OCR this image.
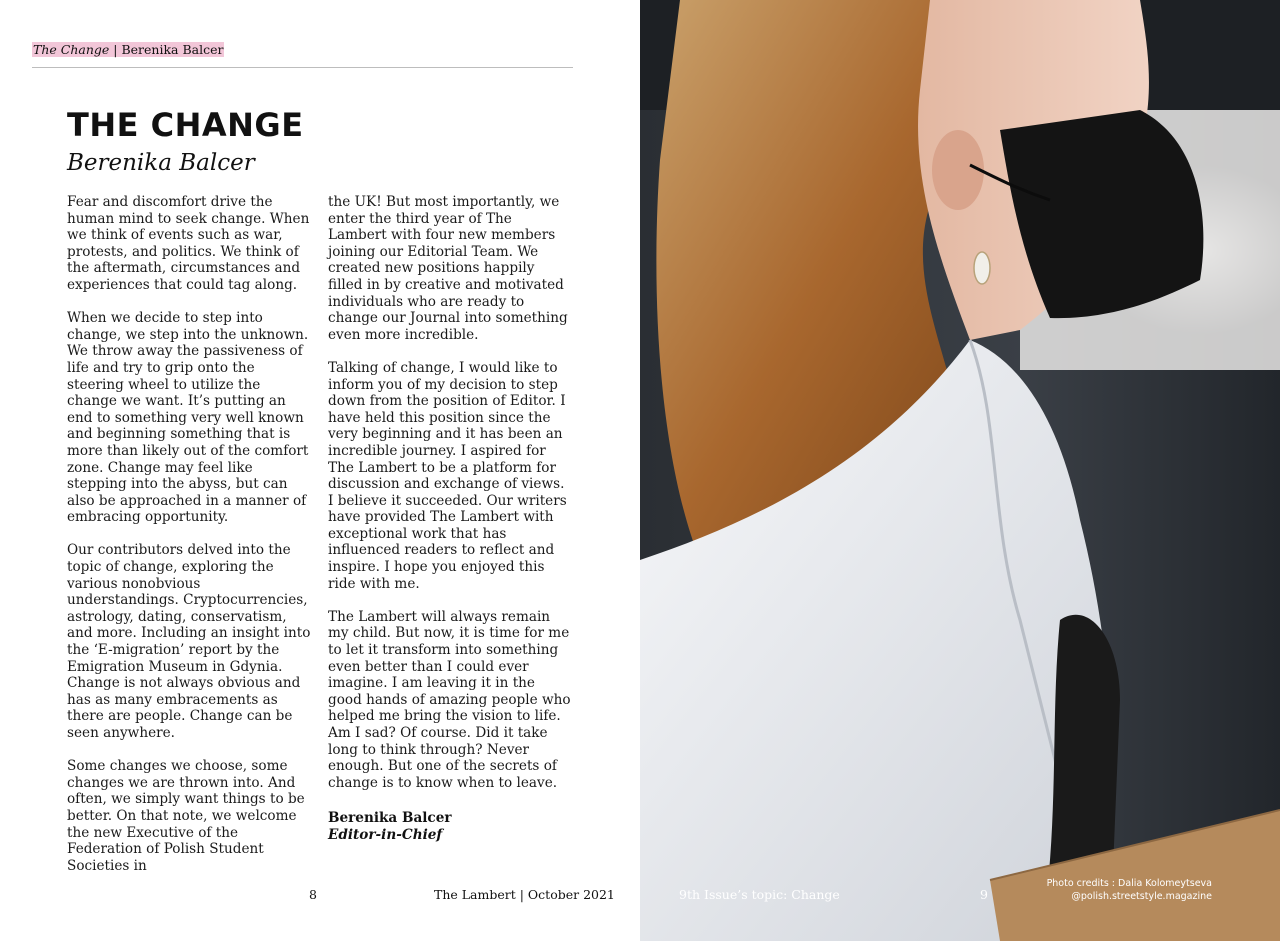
The Change | Berenika Balcer
THE CHANGE
Berenika Balcer

Fear and discomfort drive the human mind to seek change. When we think of events such as war, protests, and politics. We think of the aftermath, circumstances and experiences that could tag along.

When we decide to step into change, we step into the unknown. We throw away the passiveness of life and try to grip onto the steering wheel to utilize the change we want. It’s putting an end to something very well known and beginning something that is more than likely out of the comfort zone. Change may feel like stepping into the abyss, but can also be approached in a manner of embracing opportunity.

Our contributors delved into the topic of change, exploring the various nonobvious understandings. Cryptocurrencies, astrology, dating, conservatism, and more. Including an insight into the ‘E-migration’ report by the Emigration Museum in Gdynia. Change is not always obvious and has as many embracements as there are people. Change can be seen anywhere.

Some changes we choose, some changes we are thrown into. And often, we simply want things to be better. On that note, we welcome the new Executive of the Federation of Polish Student Societies in

the UK! But most importantly, we enter the third year of The Lambert with four new members joining our Editorial Team. We created new positions happily filled in by creative and motivated individuals who are ready to change our Journal into something even more incredible.

Talking of change, I would like to inform you of my decision to step down from the position of Editor. I have held this position since the very beginning and it has been an incredible journey. I aspired for The Lambert to be a platform for discussion and exchange of views. I believe it succeeded. Our writers have provided The Lambert with exceptional work that has influenced readers to reflect and inspire. I hope you enjoyed this ride with me.

The Lambert will always remain my child. But now, it is time for me to let it transform into something even better than I could ever imagine. I am leaving it in the good hands of amazing people who helped me bring the vision to life. Am I sad? Of course. Did it take long to think through? Never enough. But one of the secrets of change is to know when to leave.

Berenika Balcer
Editor-in-Chief
8	The Lambert | October 2021	9th Issue’s topic: Change	9
Photo credits : Dalia Kolomeytseva
@polish.streetstyle.magazine
